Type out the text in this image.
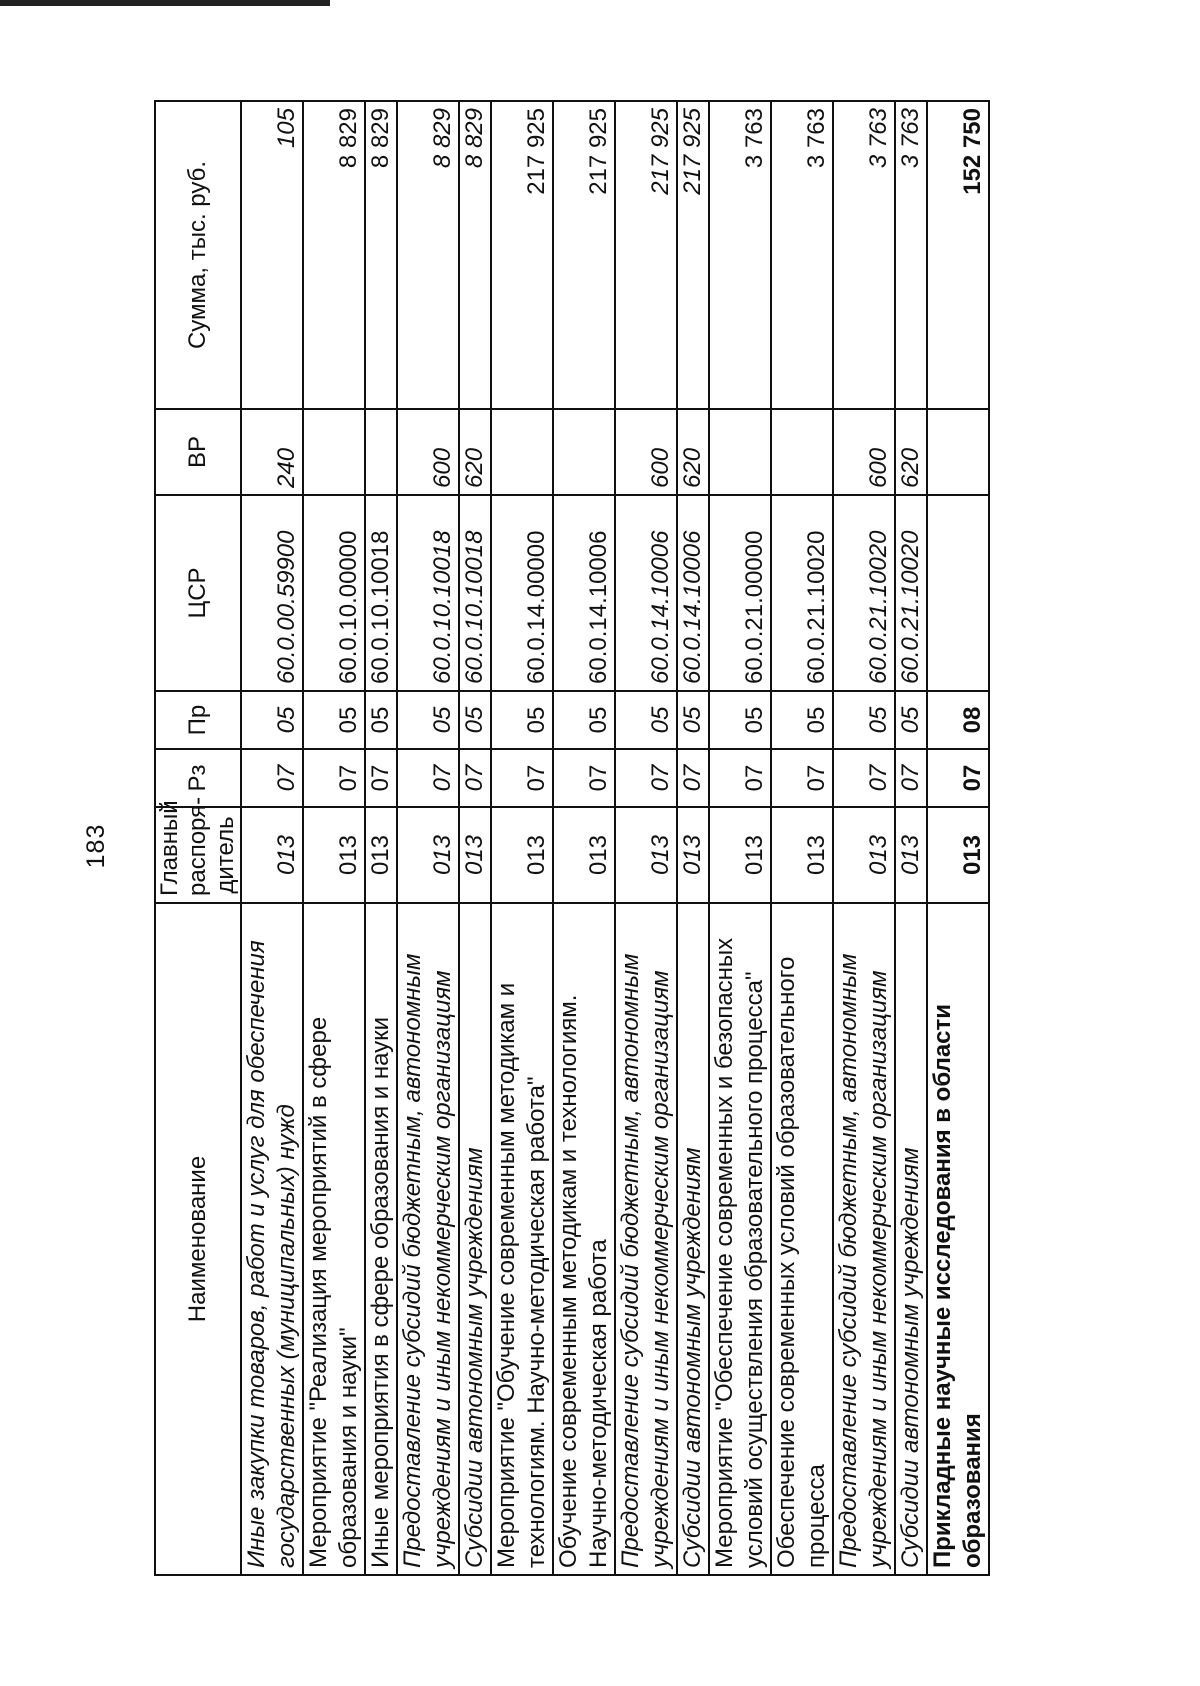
183
Наименование	Главный распоря-дитель	Рз	Пр	ЦСР	ВР	Сумма, тыс. руб.
Иные закупки товаров, работ и услуг для обеспечения государственных (муниципальных) нужд	013	07	05	60.0.00.59900	240	105
Мероприятие "Реализация мероприятий в сфере образования и науки"	013	07	05	60.0.10.00000		8 829
Иные мероприятия в сфере образования и науки	013	07	05	60.0.10.10018		8 829
Предоставление субсидий бюджетным, автономным учреждениям и иным некоммерческим организациям	013	07	05	60.0.10.10018	600	8 829
Субсидии автономным учреждениям	013	07	05	60.0.10.10018	620	8 829
Мероприятие "Обучение современным методикам и технологиям. Научно-методическая работа"	013	07	05	60.0.14.00000		217 925
Обучение современным методикам и технологиям. Научно-методическая работа	013	07	05	60.0.14.10006		217 925
Предоставление субсидий бюджетным, автономным учреждениям и иным некоммерческим организациям	013	07	05	60.0.14.10006	600	217 925
Субсидии автономным учреждениям	013	07	05	60.0.14.10006	620	217 925
Мероприятие "Обеспечение современных и безопасных условий осуществления образовательного процесса"	013	07	05	60.0.21.00000		3 763
Обеспечение современных условий образовательного процесса	013	07	05	60.0.21.10020		3 763
Предоставление субсидий бюджетным, автономным учреждениям и иным некоммерческим организациям	013	07	05	60.0.21.10020	600	3 763
Субсидии автономным учреждениям	013	07	05	60.0.21.10020	620	3 763
Прикладные научные исследования в области образования	013	07	08			152 750
